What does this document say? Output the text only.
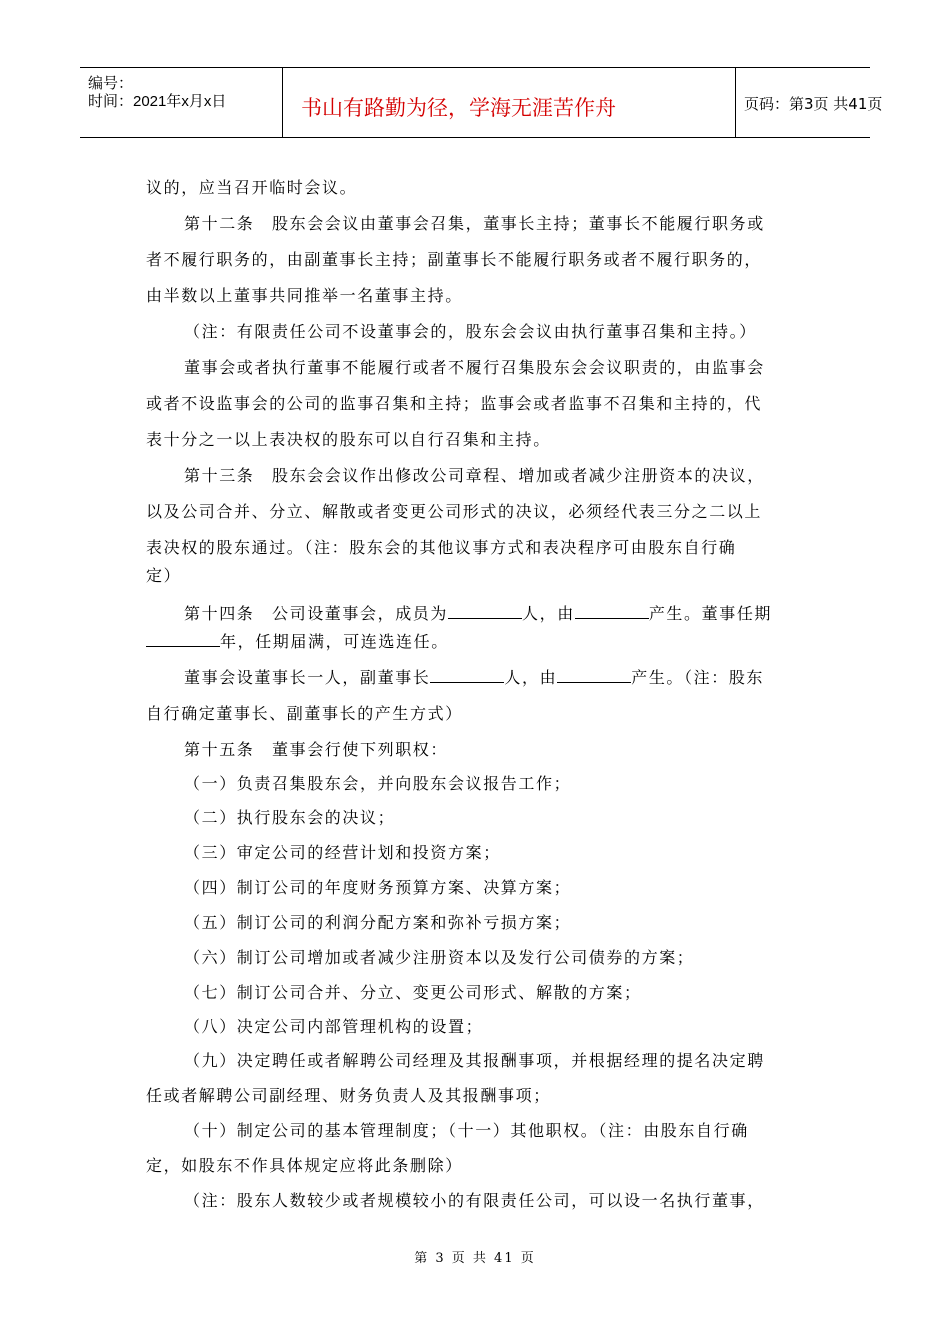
编号：
时间：2021年x月x日	书山有路勤为径，学海无涯苦作舟	页码：第3页 共41页
议的，应当召开临时会议。
第十二条　股东会会议由董事会召集，董事长主持；董事长不能履行职务或
者不履行职务的，由副董事长主持；副董事长不能履行职务或者不履行职务的，
由半数以上董事共同推举一名董事主持。
（注：有限责任公司不设董事会的，股东会会议由执行董事召集和主持。）
董事会或者执行董事不能履行或者不履行召集股东会会议职责的，由监事会
或者不设监事会的公司的监事召集和主持；监事会或者监事不召集和主持的，代
表十分之一以上表决权的股东可以自行召集和主持。
第十三条　股东会会议作出修改公司章程、增加或者减少注册资本的决议，
以及公司合并、分立、解散或者变更公司形式的决议，必须经代表三分之二以上
表决权的股东通过。（注：股东会的其他议事方式和表决程序可由股东自行确
定）
第十四条　公司设董事会，成员为	人，由	产生。董事任期
年，任期届满，可连选连任。
董事会设董事长一人，副董事长	人，由	产生。（注：股东
自行确定董事长、副董事长的产生方式）
第十五条　董事会行使下列职权：
（一）负责召集股东会，并向股东会议报告工作；
（二）执行股东会的决议；
（三）审定公司的经营计划和投资方案；
（四）制订公司的年度财务预算方案、决算方案；
（五）制订公司的利润分配方案和弥补亏损方案；
（六）制订公司增加或者减少注册资本以及发行公司债券的方案；
（七）制订公司合并、分立、变更公司形式、解散的方案；
（八）决定公司内部管理机构的设置；
（九）决定聘任或者解聘公司经理及其报酬事项，并根据经理的提名决定聘
任或者解聘公司副经理、财务负责人及其报酬事项；
（十）制定公司的基本管理制度；（十一）其他职权。（注：由股东自行确
定，如股东不作具体规定应将此条删除）
（注：股东人数较少或者规模较小的有限责任公司，可以设一名执行董事，
第 3 页 共 41 页
